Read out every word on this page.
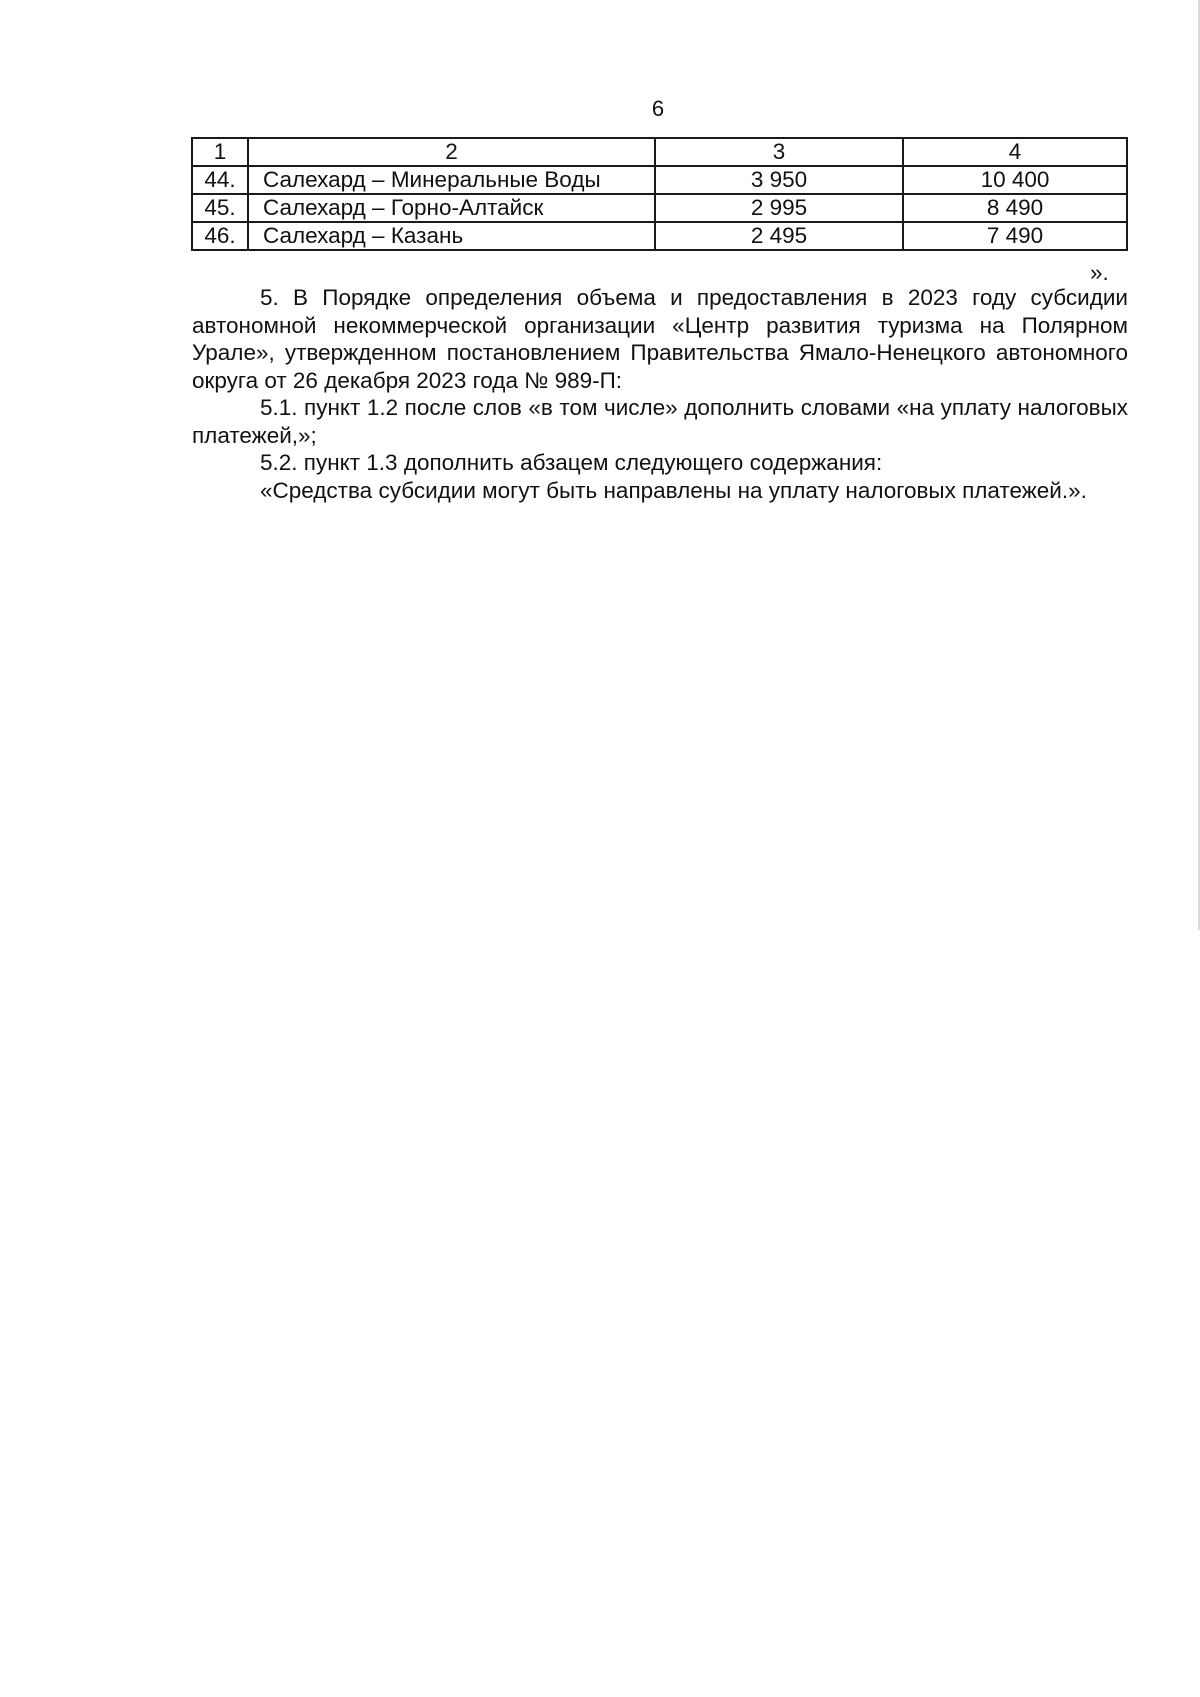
6
1	2	3	4
44.	Салехард – Минеральные Воды	3 950	10 400
45.	Салехард – Горно-Алтайск	2 995	8 490
46.	Салехард – Казань	2 495	7 490
».

5. В Порядке определения объема и предоставления в 2023 году субсидии автономной некоммерческой организации «Центр развития туризма на Полярном Урале», утвержденном постановлением Правительства Ямало-Ненецкого автономного округа от 26 декабря 2023 года № 989-П:

5.1. пункт 1.2 после слов «в том числе» дополнить словами «на уплату налоговых платежей,»;

5.2. пункт 1.3 дополнить абзацем следующего содержания:

«Средства субсидии могут быть направлены на уплату налоговых платежей.».
